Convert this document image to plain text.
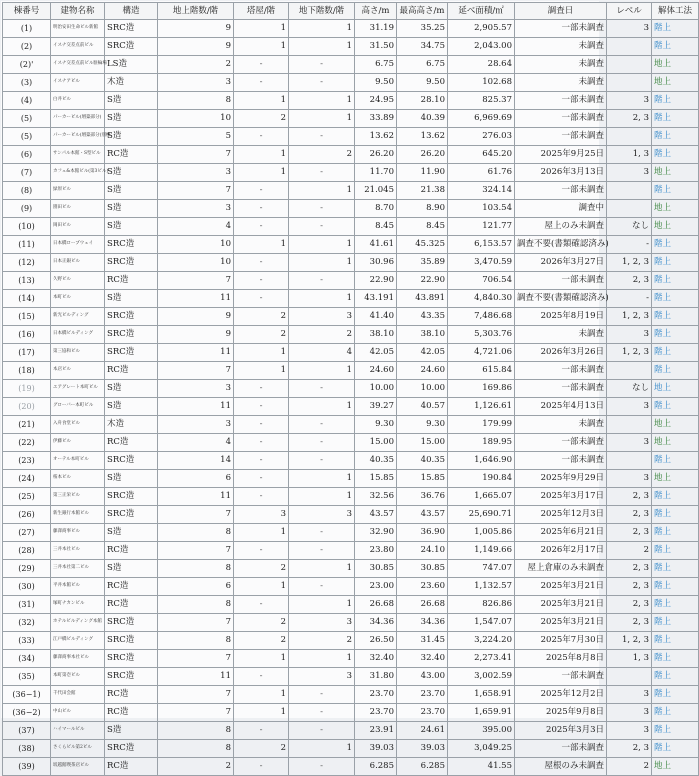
棟番号	建物名称	構造	地上階数/階	塔屋/階	地下階数/階	高さ/m	最高高さ/m	延べ面積/㎡	調査日	レベル	解体工法
(1)	明治安田生命ビル新館	SRC造	9	1	1	31.19	35.25	2,905.57	一部未調査	3	階上
(2)	イスナ交差点前ビル	SRC造	9	1	1	31.50	34.75	2,043.00	未調査		階上
(2)'	イスナ交差点前ビル駐輪場	LS造	2	-	-	6.75	6.75	28.64	未調査		地上
(3)	イスナアビル	木造	3	-	-	9.50	9.50	102.68	未調査		地上
(4)	白井ビル	S造	8	1	1	24.95	28.10	825.37	一部未調査	3	階上
(5)	パーカービル(増築部分)	S造	10	2	1	33.89	40.39	6,969.69	一部未調査	2, 3	階上
(5)	パーカービル(増築部分)別棟	S造	5	-	-	13.62	13.62	276.03	一部未調査		階上
(6)	サンパル本館・S型ビル	RC造	7	1	2	26.20	26.20	645.20	2025年9月25日	1, 3	階上
(7)	カフェ&本館ビル(第3ビル)	S造	3	1	-	11.70	11.90	61.76	2026年3月13日	3	地上
(8)	緑原ビル	S造	7	-	1	21.045	21.38	324.14	一部未調査		階上
(9)	園田ビル	S造	3	-	-	8.70	8.90	103.54	調査中		地上
(10)	岡田ビル	S造	4	-	-	8.45	8.45	121.77	屋上のみ未調査	なし	地上
(11)	日本橋ロープウェイ	SRC造	10	1	1	41.61	45.325	6,153.57	調査不要(書類確認済み)	-	階上
(12)	日本正銀ビル	SRC造	10	-	1	30.96	35.89	3,470.59	2026年3月27日	1, 2, 3	階上
(13)	久野ビル	RC造	7	-	-	22.90	22.90	706.54	一部未調査	2, 3	階上
(14)	本町ビル	S造	11	-	1	43.191	43.891	4,840.30	調査不要(書類確認済み)	-	階上
(15)	新光ビルディング	SRC造	9	2	3	41.40	43.35	7,486.68	2025年8月19日	1, 2, 3	階上
(16)	日本橋ビルディング	SRC造	9	2	2	38.10	38.10	5,303.76	未調査	3	階上
(17)	第三協和ビル	SRC造	11	1	4	42.05	42.05	4,721.06	2026年3月26日	1, 2, 3	階上
(18)	本店ビル	RC造	7	1	1	24.60	24.60	615.84	一部未調査		階上
(19)	ユアグレート本町ビル	S造	3	-	-	10.00	10.00	169.86	一部未調査	なし	地上
(20)	グローバー本町ビル	S造	11	-	1	39.27	40.57	1,126.61	2025年4月13日	3	階上
(21)	入舟食堂ビル	木造	3	-	-	9.30	9.30	179.99	未調査		地上
(22)	伊藤ビル	RC造	4	-	-	15.00	15.00	189.95	一部未調査	3	地上
(23)	オーテル本町ビル	SRC造	14	-	-	40.35	40.35	1,646.90	一部未調査		階上
(24)	桜本ビル	S造	6	-	1	15.85	15.85	190.84	2025年9月29日	3	地上
(25)	第三正栄ビル	SRC造	11	-	1	32.56	36.76	1,665.07	2025年3月17日	2, 3	階上
(26)	新生銀行本館ビル	SRC造	7	3	3	43.57	43.57	25,690.71	2025年12月3日	2, 3	階上
(27)	藤澤商事ビル	S造	8	1	-	32.90	36.90	1,005.86	2025年6月21日	2, 3	階上
(28)	三井本社ビル	RC造	7	-	-	23.80	24.10	1,149.66	2026年2月17日	2	階上
(29)	三井本社第二ビル	S造	8	2	1	30.85	30.85	747.07	屋上倉庫のみ未調査	2, 3	階上
(30)	平井本館ビル	RC造	6	1	-	23.00	23.60	1,132.57	2025年3月21日	2, 3	階上
(31)	塚町ナカンビル	RC造	8	-	1	26.68	26.68	826.86	2025年3月21日	2, 3	階上
(32)	ホテルビルディング本館	SRC造	7	2	3	34.36	34.36	1,547.07	2025年3月21日	2, 3	階上
(33)	江戸橋ビルディング	SRC造	8	2	2	26.50	31.45	3,224.20	2025年7月30日	1, 2, 3	階上
(34)	藤澤商事本社ビル	SRC造	7	1	1	32.40	32.40	2,273.41	2025年8月8日	1, 3	階上
(35)	本町第壱ビル	SRC造	11	-	3	31.80	43.00	3,002.59	一部未調査		階上
(36−1)	千代田会館	RC造	7	1	-	23.70	23.70	1,658.91	2025年12月2日	3	階上
(36−2)	中山ビル	RC造	7	1	-	23.70	23.70	1,659.91	2025年9月8日	3	階上
(37)	ハイマールビル	S造	8	-	-	23.91	24.61	395.00	2025年3月3日	3	階上
(38)	さくらビル第2ビル	SRC造	8	2	1	39.03	39.03	3,049.25	一部未調査	2, 3	階上
(39)	坂越館喫茶店ビル	RC造	2	-	-	6.285	6.285	41.55	屋根のみ未調査	2	地上
